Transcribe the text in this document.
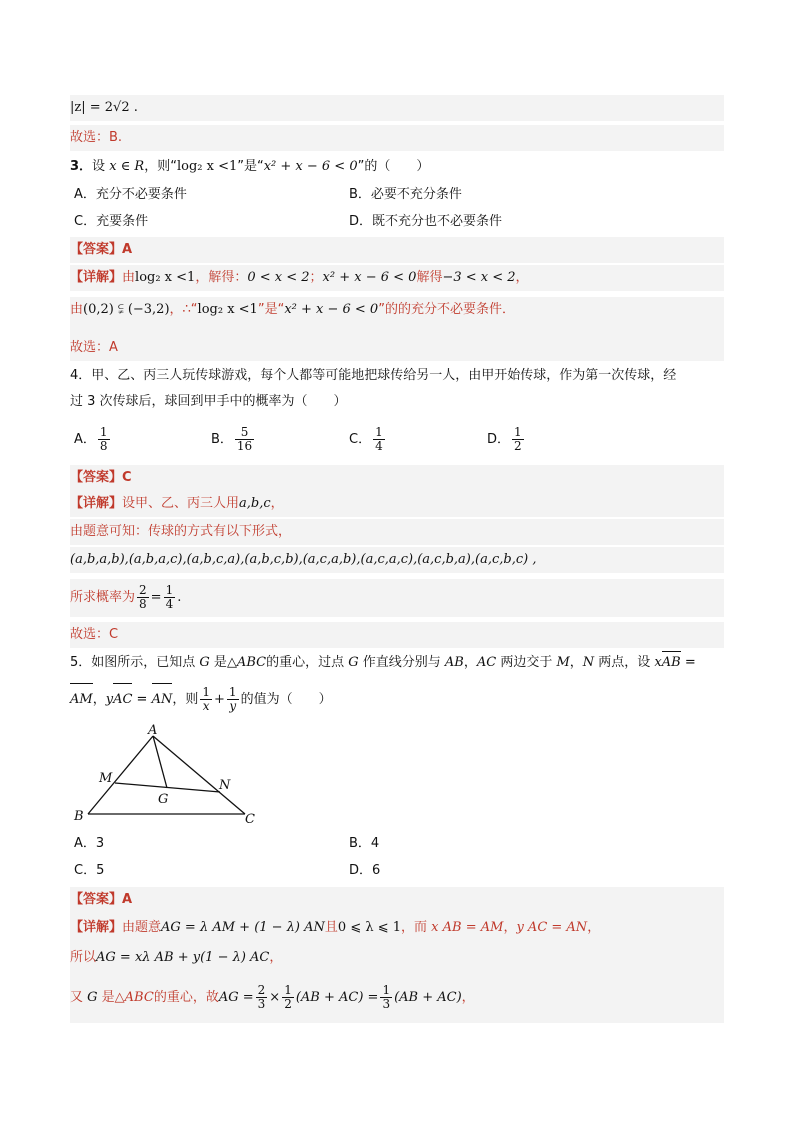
|z| = 2√2 .
故选：B.
3．设 x ∈ R，则“log₂ x <1”是“x² + x − 6 < 0”的（　　）
A．充分不必要条件	B．必要不充分条件
C．充要条件	D．既不充分也不必要条件
【答案】A
【详解】由log₂ x <1，解得：0 < x < 2；x² + x − 6 < 0解得−3 < x < 2，
由(0,2) ⫋ (−3,2)，∴“log₂ x <1”是“x² + x − 6 < 0”的的充分不必要条件．
故选：A
4．甲、乙、丙三人玩传球游戏，每个人都等可能地把球传给另一人，由甲开始传球，作为第一次传球，经
过 3 次传球后，球回到甲手中的概率为（　　）
A． $\frac{1}{8}$	B． $\frac{5}{16}$	C． $\frac{1}{4}$	D． $\frac{1}{2}$
【答案】C
【详解】设甲、乙、丙三人用a,b,c，
由题意可知：传球的方式有以下形式，
(a,b,a,b),(a,b,a,c),(a,b,c,a),(a,b,c,b),(a,c,a,b),(a,c,a,c),(a,c,b,a),(a,c,b,c) ,
所求概率为 $\frac{2}{8} = \frac{1}{4}$ .
故选：C
5．如图所示，已知点 G 是△ABC的重心，过点 G 作直线分别与 AB，AC 两边交于 M，N 两点，设 xAB =
AM，yAC = AN，则 $\frac{1}{x} + \frac{1}{y}$ 的值为（　　）
A
B	C
M	N
G
A．3	B．4
C．5	D．6
【答案】A
【详解】由题意AG = λ AM + (1 − λ) AN且0 ⩽ λ ⩽ 1，而 x AB = AM，y AC = AN，
所以AG = xλ AB + y(1 − λ) AC，
又 G 是△ABC的重心，故AG = $\frac{2}{3} \times \frac{1}{2} (AB + AC) = \frac{1}{3} (AB + AC)$，
